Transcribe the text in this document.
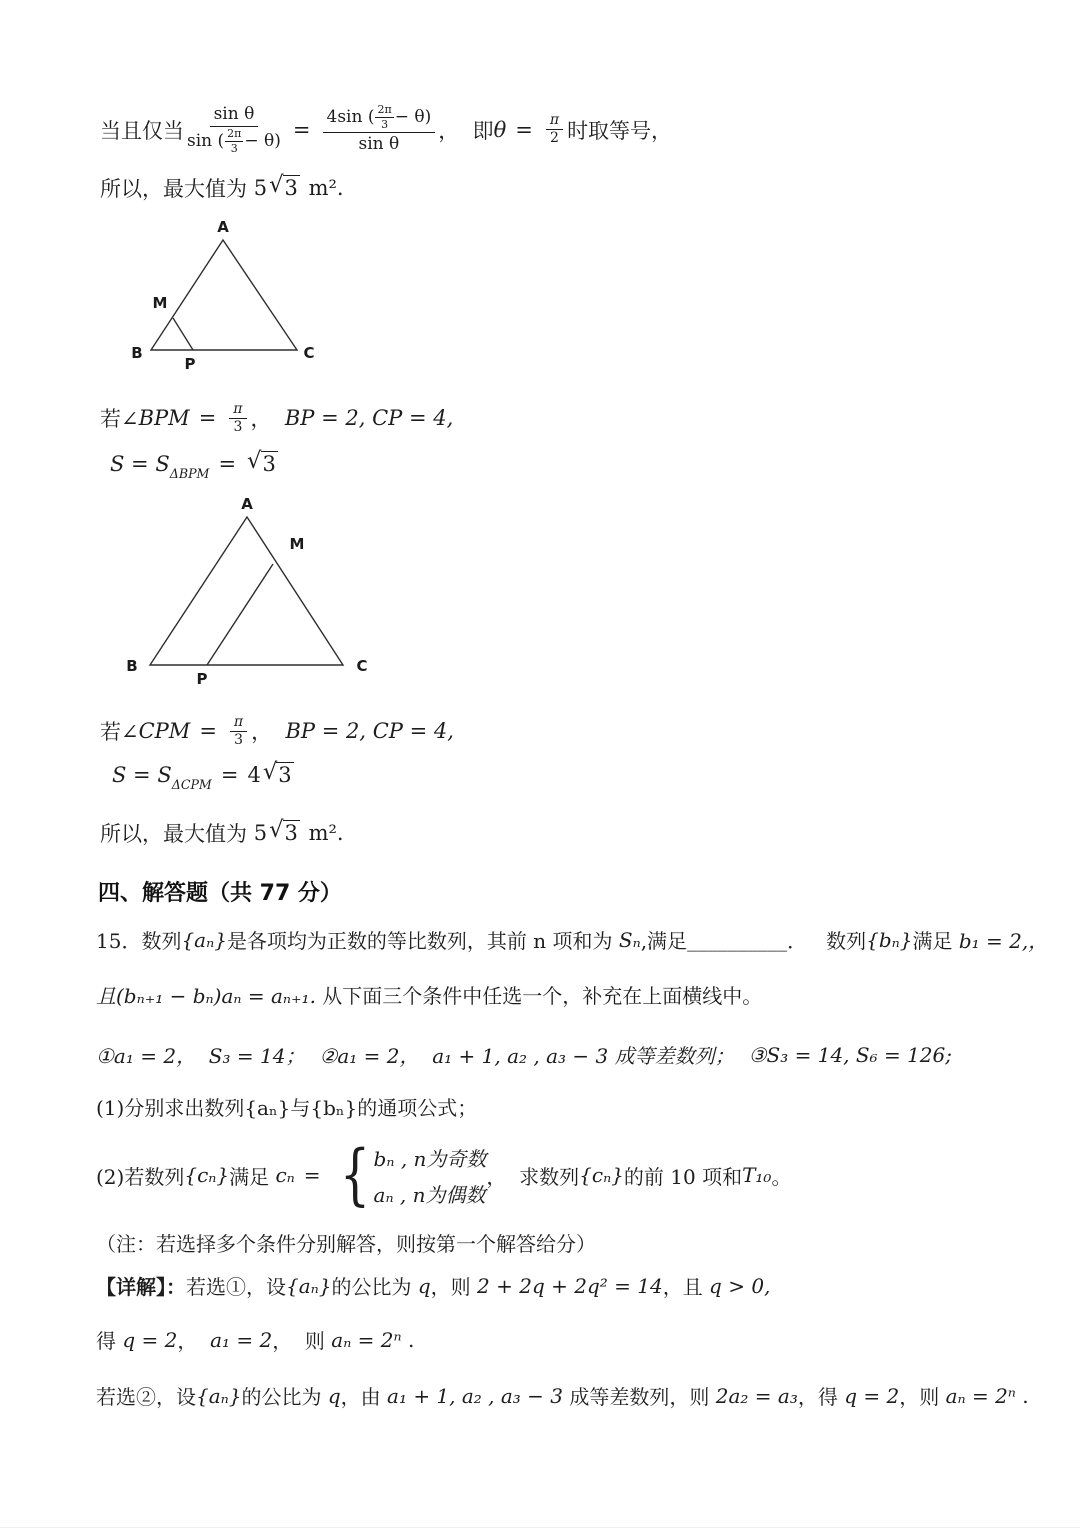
当且仅当
sin θ
sin ( $\frac{2\pi}{3} - \theta$) =
4sin ( $\frac{2\pi}{3} - \theta$)
sin θ
，  即 $\theta = \frac{\pi}{2}$ 时取等号，
所以，最大值为 5 √ 3 m².
A
B	C
M
P
若∠ BPM = $\frac{\pi}{3}$ ， BP = 2, CP = 4,
S = S ΔBPM = √ 3
A
B	C
M
P
若∠ CPM = $\frac{\pi}{3}$ ， BP = 2, CP = 4,
S = S ΔCPM = 4 √ 3
所以，最大值为 5 √ 3 m².
四、解答题（共 77 分）
15． 数列 {aₙ} 是各项均为正数的等比数列，其前 n 项和为 Sₙ ,满足 __________ ．   数列 {bₙ} 满足 b₁ = 2,，
且(bₙ₊₁ − bₙ)aₙ = aₙ₊₁. 从下面三个条件中任选一个，补充在上面横线中。
①a₁ = 2，  S₃ = 14； ②a₁ = 2，  a₁ + 1, a₂ , a₃ − 3 成等差数列； ③S₃ = 14, S₆ = 126;
(1)分别求出数列{aₙ}与{bₙ}的通项公式；
(2)若数列 {cₙ} 满足 cₙ = { bₙ , n为奇数
aₙ , n为偶数
，  求数列 {cₙ} 的前 10 项和 T₁₀ 。
（注：若选择多个条件分别解答，则按第一个解答给分）
【详解】： 若选①，设 {aₙ} 的公比为 q ，则 2 + 2q + 2q² = 14 ，且 q > 0,
得 q = 2 ， a₁ = 2 ，  则 aₙ = 2ⁿ .
若选②，设 {aₙ} 的公比为 q ，由 a₁ + 1, a₂ , a₃ − 3 成等差数列，则 2a₂ = a₃ ，得 q = 2 ，则 aₙ = 2ⁿ .
